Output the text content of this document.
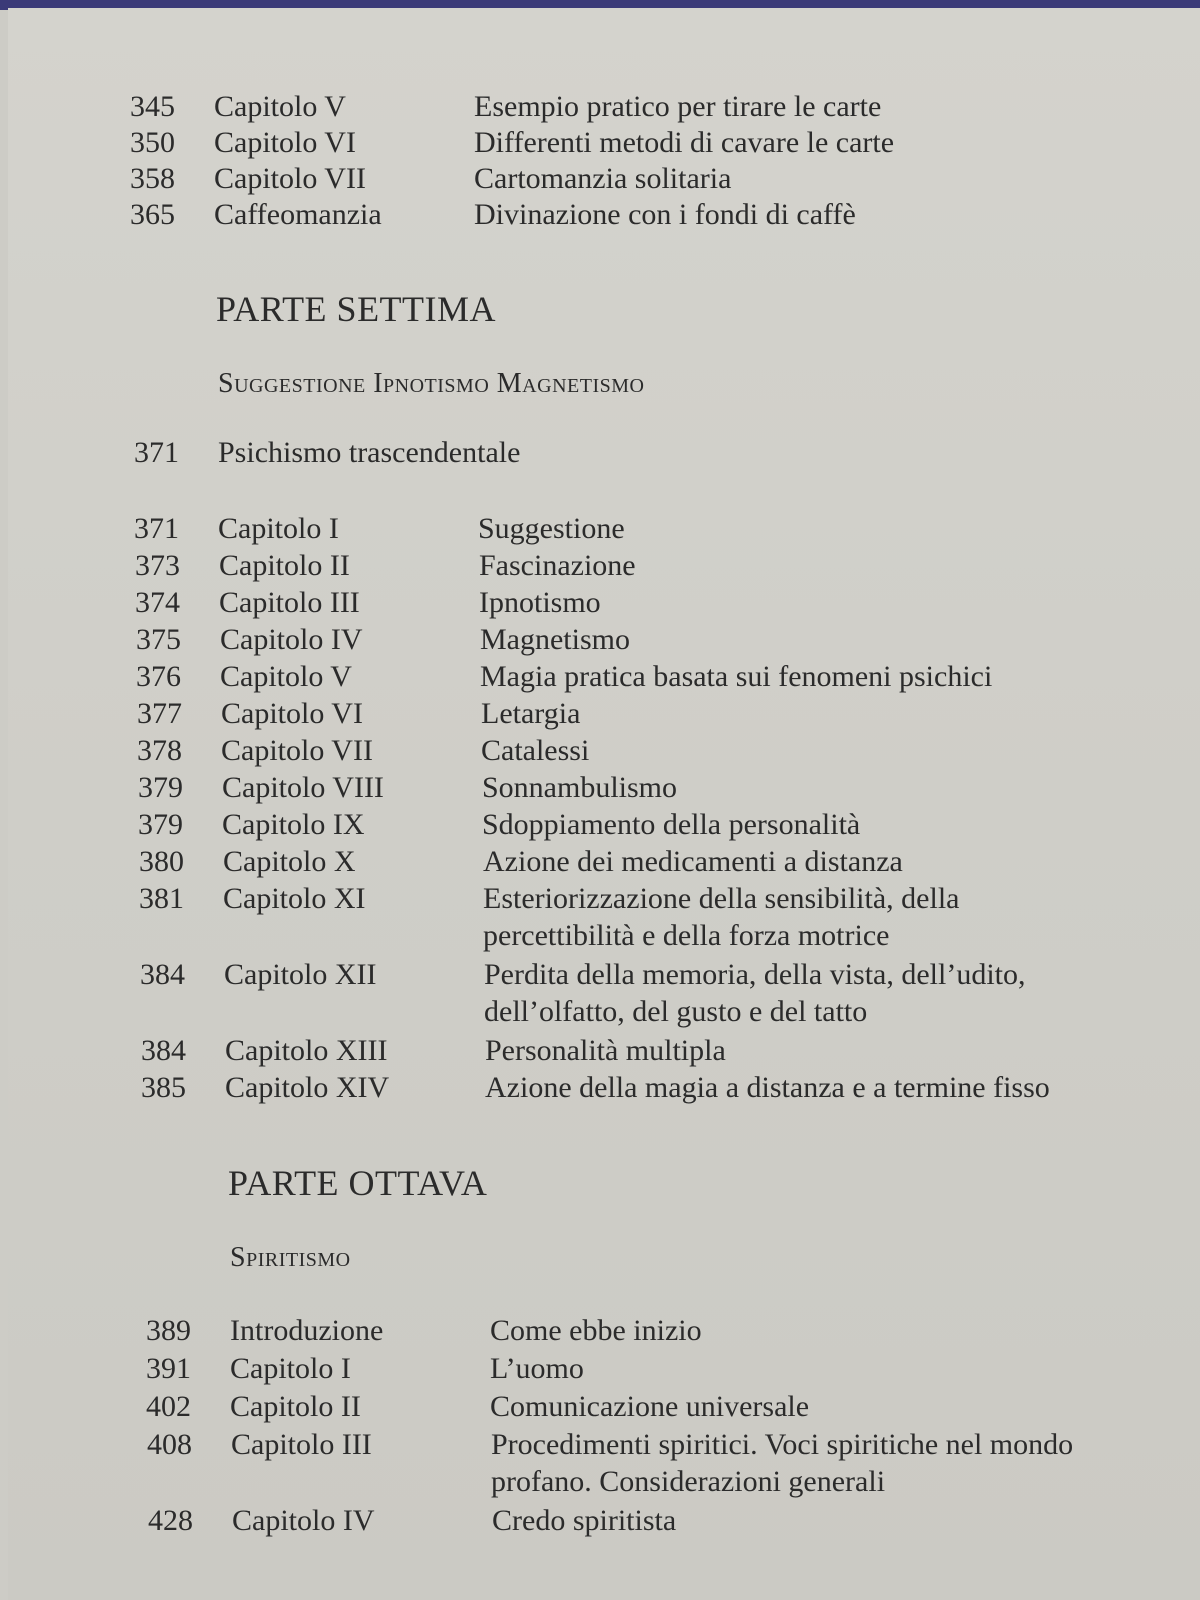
345	Capitolo V	Esempio pratico per tirare le carte
350	Capitolo VI	Differenti metodi di cavare le carte
358	Capitolo VII	Cartomanzia solitaria
365	Caffeomanzia	Divinazione con i fondi di caffè
PARTE SETTIMA
Suggestione Ipnotismo Magnetismo
371 Psichismo trascendentale
371	Capitolo I	Suggestione
373	Capitolo II	Fascinazione
374	Capitolo III	Ipnotismo
375	Capitolo IV	Magnetismo
376	Capitolo V	Magia pratica basata sui fenomeni psichici
377	Capitolo VI	Letargia
378	Capitolo VII	Catalessi
379	Capitolo VIII	Sonnambulismo
379	Capitolo IX	Sdoppiamento della personalità
380	Capitolo X	Azione dei medicamenti a distanza
381	Capitolo XI	Esteriorizzazione della sensibilità, della percettibilità e della forza motrice
384	Capitolo XII	Perdita della memoria, della vista, dell’udito, dell’olfatto, del gusto e del tatto
384	Capitolo XIII	Personalità multipla
385	Capitolo XIV	Azione della magia a distanza e a termine fisso
PARTE OTTAVA
Spiritismo
389	Introduzione	Come ebbe inizio
391	Capitolo I	L’uomo
402	Capitolo II	Comunicazione universale
408	Capitolo III	Procedimenti spiritici. Voci spiritiche nel mondo profano. Considerazioni generali
428	Capitolo IV	Credo spiritista
